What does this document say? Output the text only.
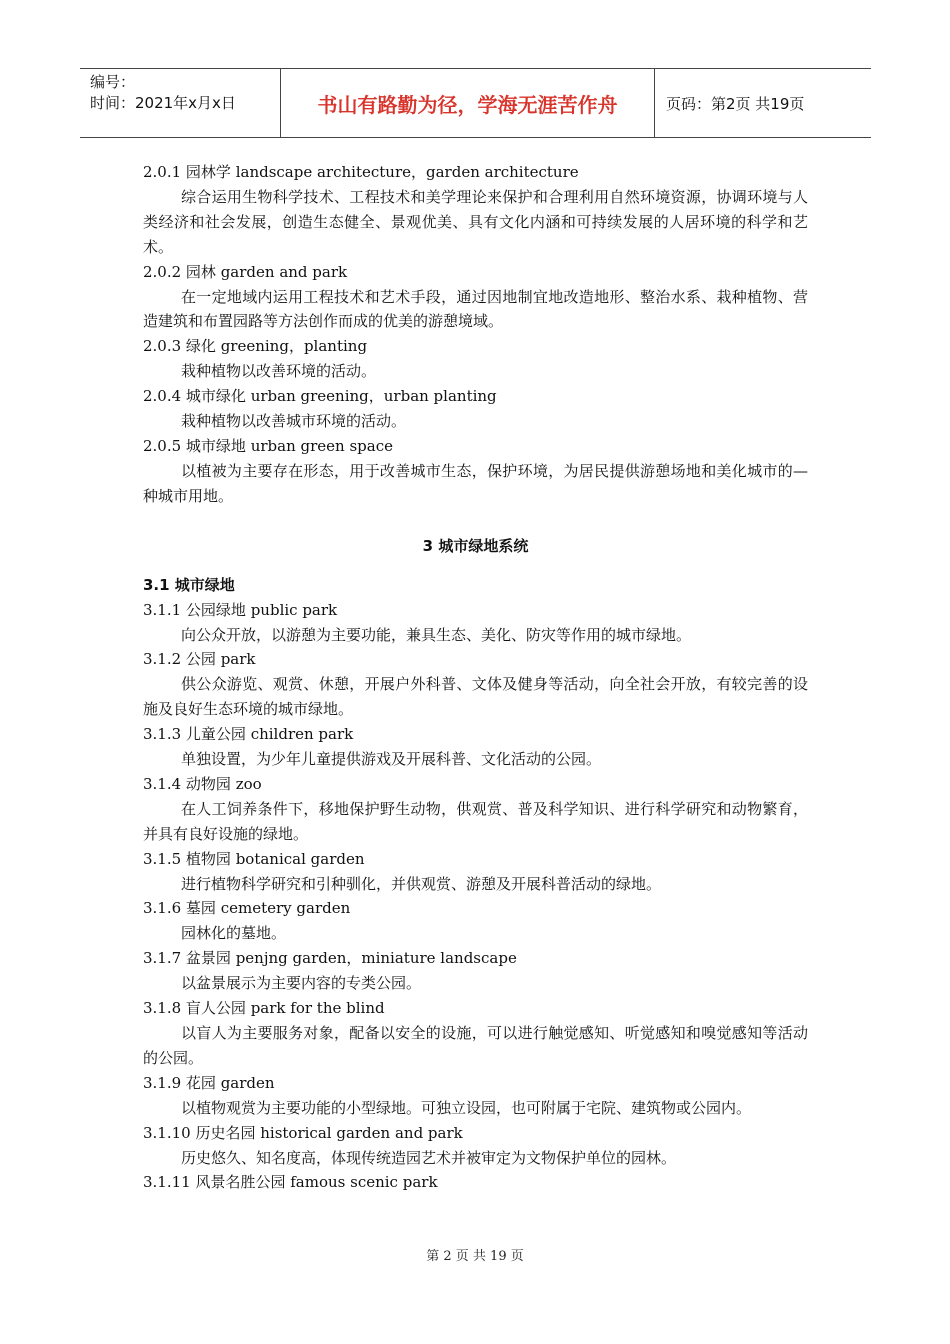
编号：
时间：2021年x月x日	书山有路勤为径，学海无涯苦作舟	页码：第2页 共19页
2.0.1 园林学 landscape architecture，garden architecture
综合运用生物科学技术、工程技术和美学理论来保护和合理利用自然环境资源，协调环境与人类经济和社会发展，创造生态健全、景观优美、具有文化内涵和可持续发展的人居环境的科学和艺术。
2.0.2 园林 garden and park
在一定地域内运用工程技术和艺术手段，通过因地制宜地改造地形、整治水系、栽种植物、营造建筑和布置园路等方法创作而成的优美的游憩境域。
2.0.3 绿化 greening，planting
栽种植物以改善环境的活动。
2.0.4 城市绿化 urban greening，urban planting
栽种植物以改善城市环境的活动。
2.0.5 城市绿地 urban green space
以植被为主要存在形态，用于改善城市生态，保护环境，为居民提供游憩场地和美化城市的—种城市用地。
3 城市绿地系统
3.1 城市绿地
3.1.1 公园绿地 public park
向公众开放，以游憩为主要功能，兼具生态、美化、防灾等作用的城市绿地。
3.1.2 公园 park
供公众游览、观赏、休憩，开展户外科普、文体及健身等活动，向全社会开放，有较完善的设施及良好生态环境的城市绿地。
3.1.3 儿童公园 children park
单独设置，为少年儿童提供游戏及开展科普、文化活动的公园。
3.1.4 动物园 zoo
在人工饲养条件下，移地保护野生动物，供观赏、普及科学知识、进行科学研究和动物繁育，并具有良好设施的绿地。
3.1.5 植物园 botanical garden
进行植物科学研究和引种驯化，并供观赏、游憩及开展科普活动的绿地。
3.1.6 墓园 cemetery garden
园林化的墓地。
3.1.7 盆景园 penjng garden，miniature landscape
以盆景展示为主要内容的专类公园。
3.1.8 盲人公园 park for the blind
以盲人为主要服务对象，配备以安全的设施，可以进行触觉感知、听觉感知和嗅觉感知等活动的公园。
3.1.9 花园 garden
以植物观赏为主要功能的小型绿地。可独立设园，也可附属于宅院、建筑物或公园内。
3.1.10 历史名园 historical garden and park
历史悠久、知名度高，体现传统造园艺术并被审定为文物保护单位的园林。
3.1.11 风景名胜公园 famous scenic park
第 2 页 共 19 页
